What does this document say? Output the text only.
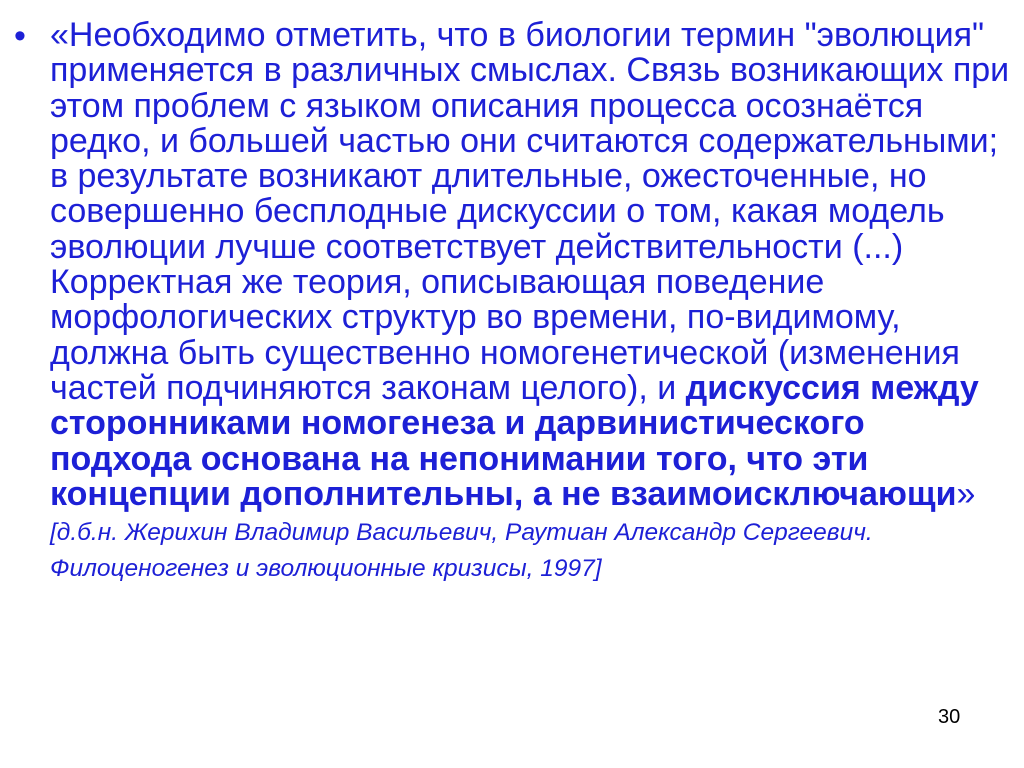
• «Необходимо отметить, что в биологии термин "эволюция" применяется в различных смыслах. Связь возникающих при этом проблем с языком описания процесса осознаётся редко, и большей частью они считаются содержательными; в результате возникают длительные, ожесточенные, но совершенно бесплодные дискуссии о том, какая модель эволюции лучше соответствует действительности (...) Корректная же теория, описывающая поведение морфологических структур во времени, по-видимому, должна быть существенно номогенетической (изменения частей подчиняются законам целого), и дискуссия между сторонниками номогенеза и дарвинистического подхода основана на непонимании того, что эти концепции дополнительны, а не взаимоисключающи»  [д.б.н. Жерихин Владимир Васильевич, Раутиан Александр Сергеевич. Филоценогенез и эволюционные кризисы, 1997]

30
